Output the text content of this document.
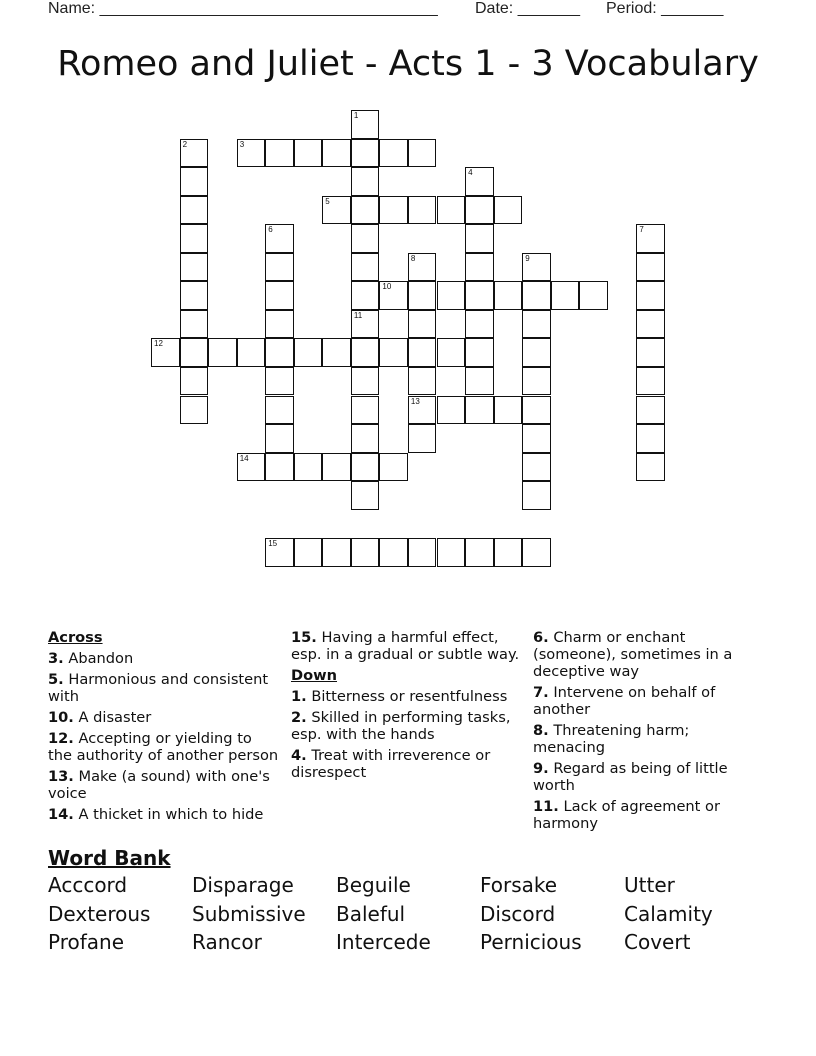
Name: ______________________________________ Date: _______ Period: _______
Romeo and Juliet - Acts 1 - 3 Vocabulary
3
5
10
12
13
14
15
1
11
2
4
6	7
8	9
Across
3. Abandon
5. Harmonious and consistent with
10. A disaster
12. Accepting or yielding to the authority of another person
13. Make (a sound) with one's voice
14. A thicket in which to hide
15. Having a harmful effect, esp. in a gradual or subtle way.
Down
1. Bitterness or resentfulness
2. Skilled in performing tasks, esp. with the hands
4. Treat with irreverence or disrespect
6. Charm or enchant (someone), sometimes in a deceptive way
7. Intervene on behalf of another
8. Threatening harm; menacing
9. Regard as being of little worth
11. Lack of agreement or harmony
Word Bank
Acccord	Disparage Beguile	Forsake	Utter
Dexterous Submissive Baleful	Discord	Calamity
Profane	Rancor	Intercede Pernicious Covert
